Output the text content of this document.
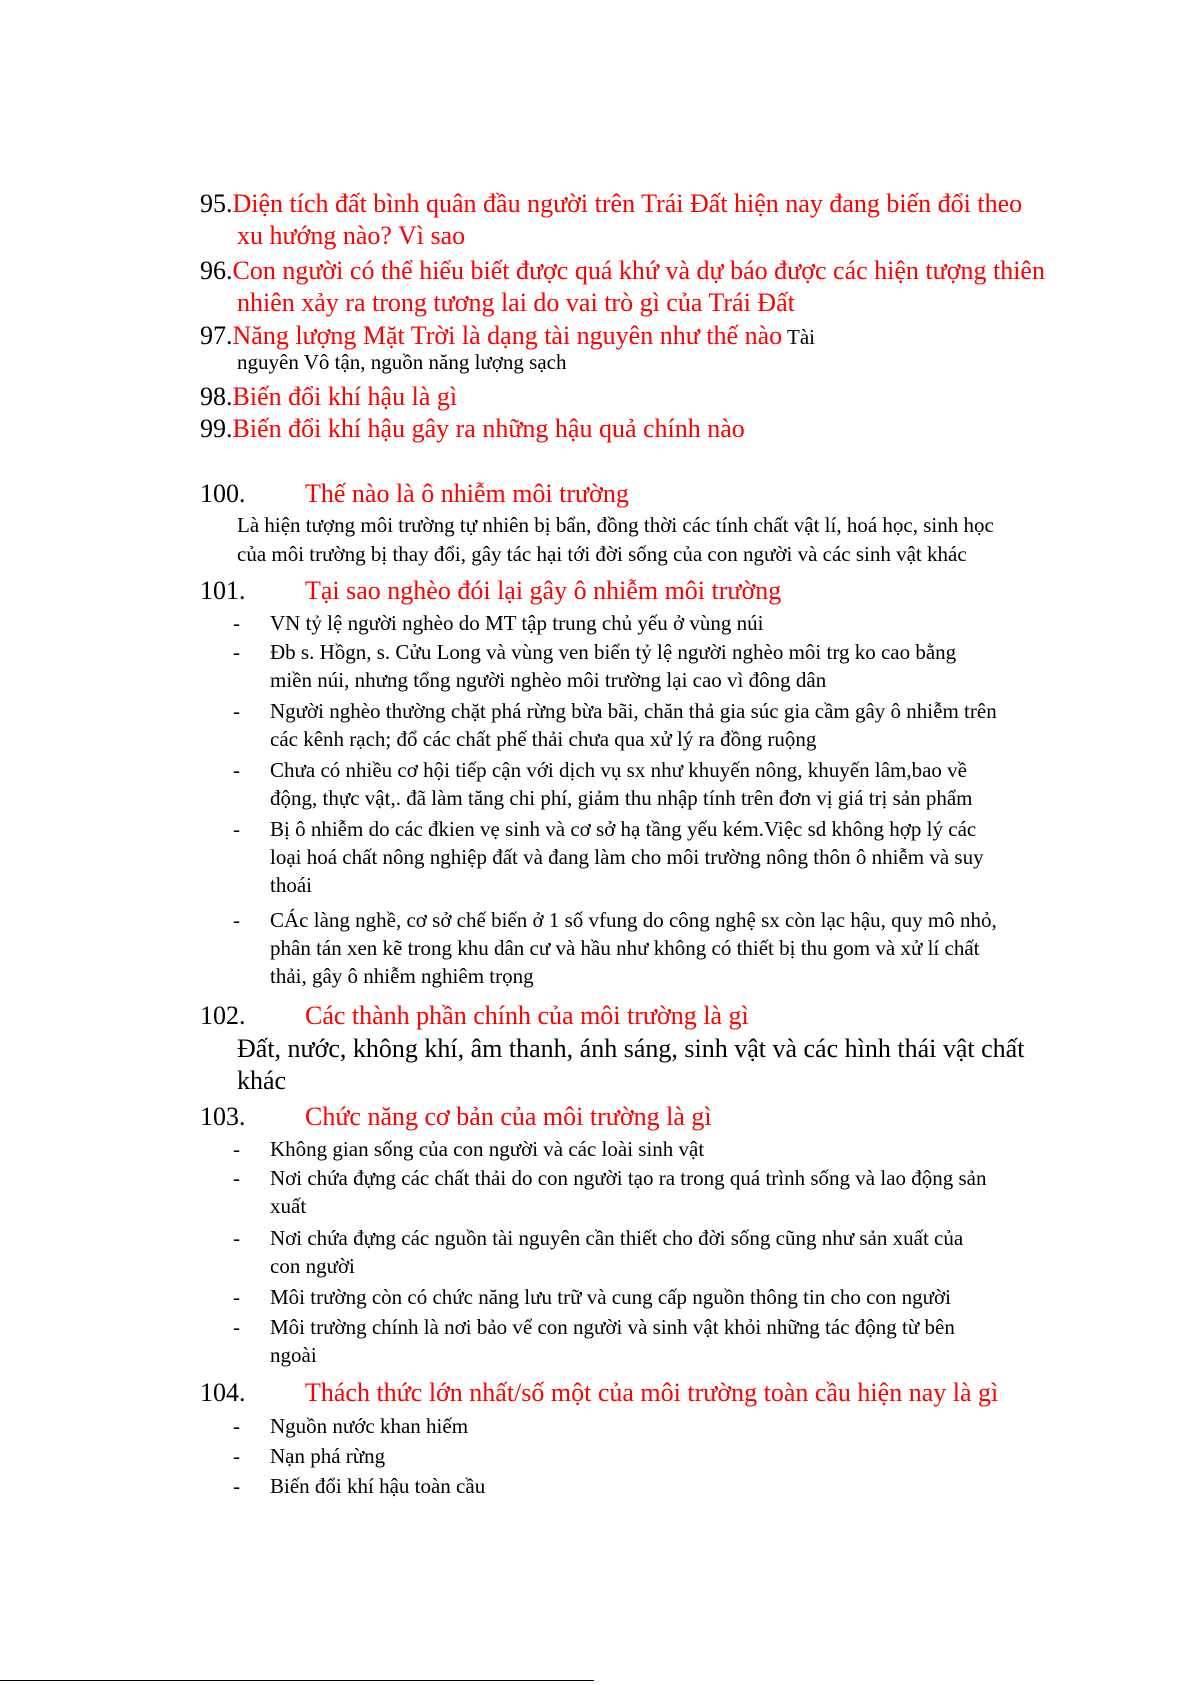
95.Diện tích đất bình quân đầu người trên Trái Đất hiện nay đang biến đổi theo
xu hướng nào? Vì sao
96.Con người có thể hiểu biết được quá khứ và dự báo được các hiện tượng thiên
nhiên xảy ra trong tương lai do vai trò gì của Trái Đất
97.Năng lượng Mặt Trời là dạng tài nguyên như thế nào Tài
nguyên Vô tận, nguồn năng lượng sạch
98.Biến đổi khí hậu là gì
99.Biến đổi khí hậu gây ra những hậu quả chính nào
100. Thế nào là ô nhiễm môi trường
Là hiện tượng môi trường tự nhiên bị bẩn, đồng thời các tính chất vật lí, hoá học, sinh học
của môi trường bị thay đổi, gây tác hại tới đời sống của con người và các sinh vật khác
101. Tại sao nghèo đói lại gây ô nhiễm môi trường
-	VN tỷ lệ người nghèo do MT tập trung chủ yếu ở vùng núi
-	Đb s. Hồgn, s. Cửu Long và vùng ven biển tỷ lệ người nghèo môi trg ko cao bằng
miền núi, nhưng tổng người nghèo môi trường lại cao vì đông dân
-	Người nghèo thường chặt phá rừng bừa bãi, chăn thả gia súc gia cầm gây ô nhiễm trên
các kênh rạch; đổ các chất phế thải chưa qua xử lý ra đồng ruộng
-	Chưa có nhiều cơ hội tiếp cận với dịch vụ sx như khuyến nông, khuyến lâm,bao về
động, thực vật,. đã làm tăng chi phí, giảm thu nhập tính trên đơn vị giá trị sản phẩm
-	Bị ô nhiễm do các đkien vẹ sinh và cơ sở hạ tầng yếu kém.Việc sd không hợp lý các
loại hoá chất nông nghiệp đất và đang làm cho môi trường nông thôn ô nhiễm và suy
thoái
-	CÁc làng nghề, cơ sở chế biến ở 1 số vfung do công nghệ sx còn lạc hậu, quy mô nhỏ,
phân tán xen kẽ trong khu dân cư và hầu như không có thiết bị thu gom và xử lí chất
thải, gây ô nhiễm nghiêm trọng
102. Các thành phần chính của môi trường là gì
Đất, nước, không khí, âm thanh, ánh sáng, sinh vật và các hình thái vật chất
khác
103. Chức năng cơ bản của môi trường là gì
-	Không gian sống của con người và các loài sinh vật
-	Nơi chứa đựng các chất thải do con người tạo ra trong quá trình sống và lao động sản
xuất
-	Nơi chứa đựng các nguồn tài nguyên cần thiết cho đời sống cũng như sản xuất của
con người
-	Môi trường còn có chức năng lưu trữ và cung cấp nguồn thông tin cho con người
-	Môi trường chính là nơi bảo vể con người và sinh vật khỏi những tác động từ bên
ngoài
104. Thách thức lớn nhất/số một của môi trường toàn cầu hiện nay là gì
-	Nguồn nước khan hiếm
-	Nạn phá rừng
-	Biến đổi khí hậu toàn cầu
